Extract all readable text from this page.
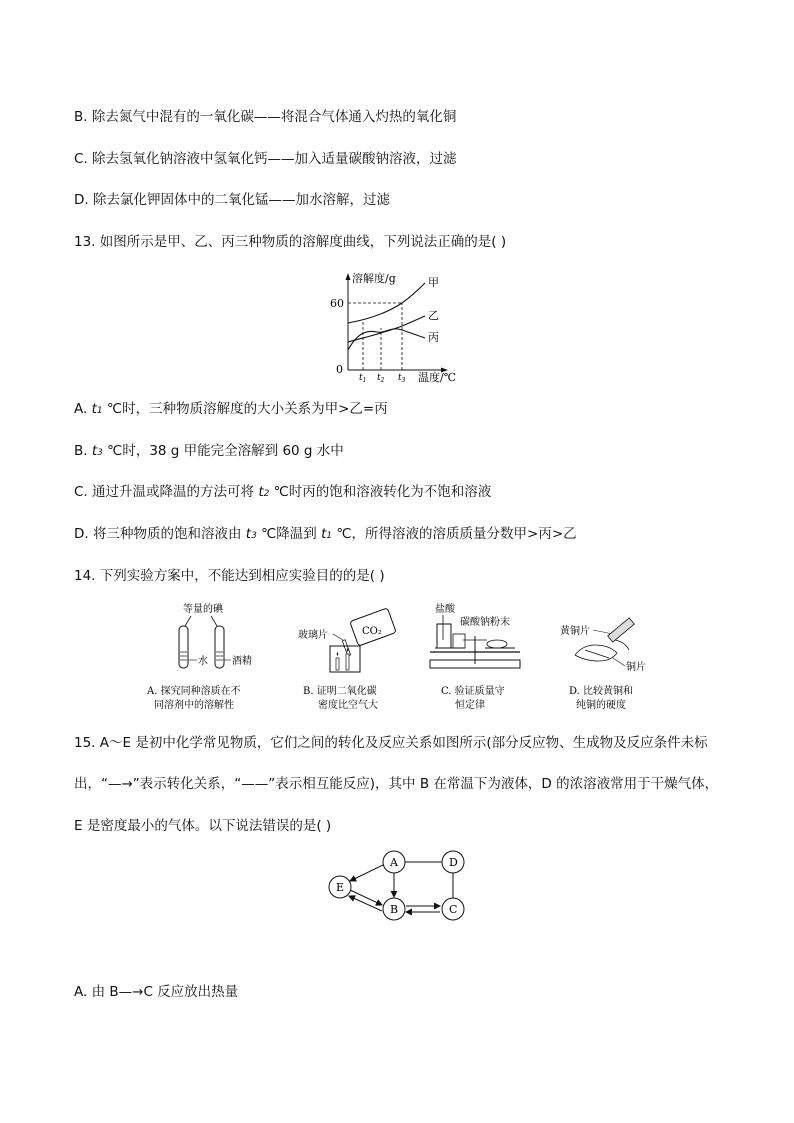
B. 除去氮气中混有的一氧化碳——将混合气体通入灼热的氧化铜
C. 除去氢氧化钠溶液中氢氧化钙——加入适量碳酸钠溶液，过滤
D. 除去氯化钾固体中的二氧化锰——加水溶解，过滤
13. 如图所示是甲、乙、丙三种物质的溶解度曲线，下列说法正确的是( )
溶解度/g	甲
乙
丙
60
0
$t_1$ $t_2$ $t_3$ 温度/℃
A. t1 ℃时，三种物质溶解度的大小关系为甲>乙=丙
B. t3 ℃时，38 g 甲能完全溶解到 60 g 水中
C. 通过升温或降温的方法可将 t2 ℃时丙的饱和溶液转化为不饱和溶液
D. 将三种物质的饱和溶液由 t3 ℃降温到 t1 ℃，所得溶液的溶质质量分数甲>丙>乙
14. 下列实验方案中，不能达到相应实验目的的是( )
等量的碘
水 酒精
A. 探究同种溶质在不
同溶剂中的溶解性
玻璃片	CO₂
B. 证明二氧化碳
密度比空气大
盐酸
碳酸钠粉末
C. 验证质量守
恒定律
黄铜片
铜片
D. 比较黄铜和
纯铜的硬度
15. A～E 是初中化学常见物质，它们之间的转化及反应关系如图所示(部分反应物、生成物及反应条件未标
出，“—→”表示转化关系，“——”表示相互能反应)，其中 B 在常温下为液体，D 的浓溶液常用于干燥气体，
E 是密度最小的气体。以下说法错误的是( )
A	D
E
B	C
A. 由 B—→C 反应放出热量
